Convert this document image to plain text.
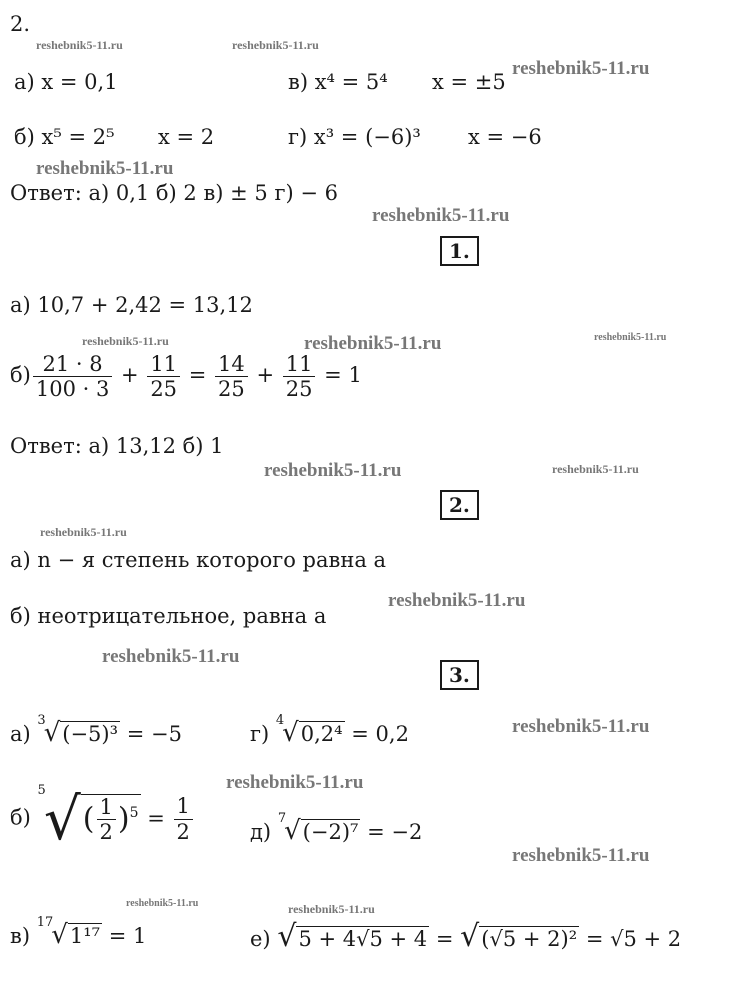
2.
reshebnik5-11.ru	reshebnik5-11.ru
reshebnik5-11.ru
reshebnik5-11.ru
reshebnik5-11.ru
reshebnik5-11.ru	reshebnik5-11.ru	reshebnik5-11.ru
reshebnik5-11.ru	reshebnik5-11.ru
reshebnik5-11.ru
reshebnik5-11.ru
reshebnik5-11.ru
reshebnik5-11.ru
reshebnik5-11.ru
reshebnik5-11.ru
reshebnik5-11.ru	reshebnik5-11.ru
а) x = 0,1	в) x⁴ = 5⁴ x = ±5
б) x⁵ = 2⁵ x = 2	г) x³ = (−6)³ x = −6
Ответ: а) 0,1 б) 2 в) ± 5 г) − 6
1.
а) 10,7 + 2,42 = 13,12
$б) \frac{21 \cdot 8}{100 \cdot 3} + \frac{11}{25} = \frac{14}{25} + \frac{11}{25} = 1$
Ответ: а) 13,12 б) 1
2.
а) n − я степень которого равна a
б) неотрицательное, равна a
3.
а) $^3$√(−5)³ = −5	г) $^4$√0,2⁴ = 0,2
б) $^5√( \frac{1}{2} )^5 = \frac{1}{2}$	д) $^7$√(−2)⁷ = −2
в) $^{17}$√1¹⁷ = 1	е) √5 + 4√5 + 4 = √(√5 + 2)² = √5 + 2
